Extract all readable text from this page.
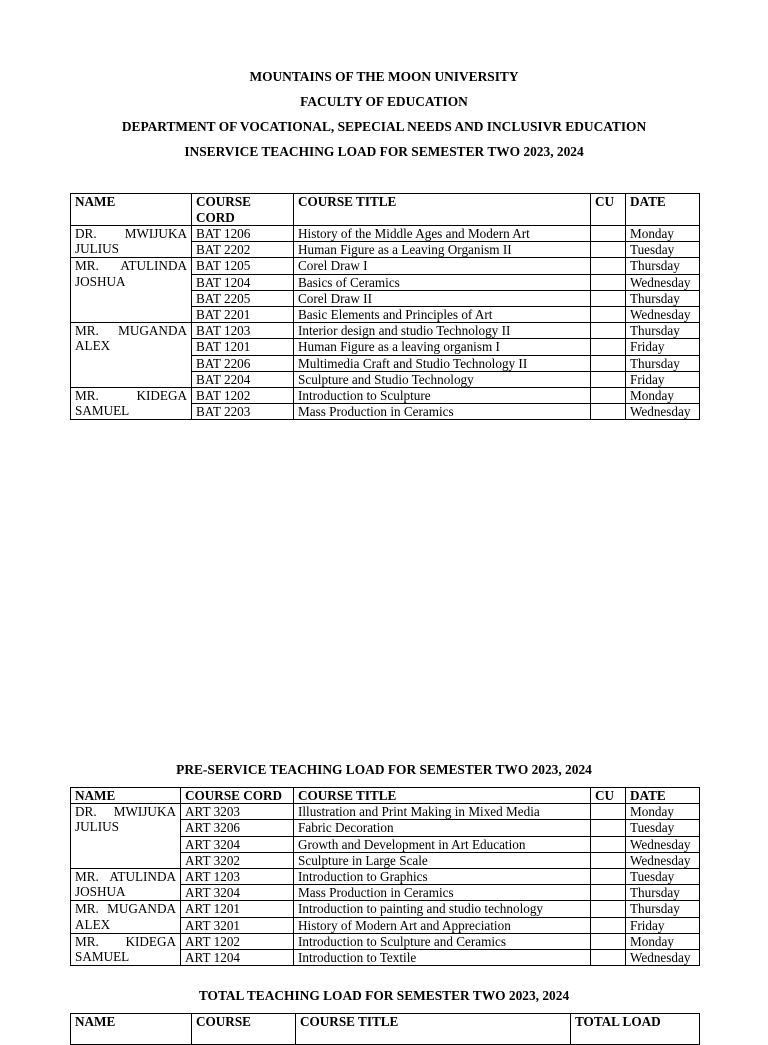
MOUNTAINS OF THE MOON UNIVERSITY
FACULTY OF EDUCATION
DEPARTMENT OF VOCATIONAL, SEPECIAL NEEDS AND INCLUSIVR EDUCATION
INSERVICE TEACHING LOAD FOR SEMESTER TWO 2023, 2024
NAME	COURSE CORD	COURSE TITLE	CU	DATE
DR. MWIJUKA JULIUS	BAT 1206	History of the Middle Ages and Modern Art		Monday
	BAT 2202	Human Figure as a Leaving Organism II		Tuesday
MR. ATULINDA JOSHUA	BAT 1205	Corel Draw I		Thursday
	BAT 1204	Basics of Ceramics		Wednesday
	BAT 2205	Corel Draw II		Thursday
	BAT 2201	Basic Elements and Principles of Art		Wednesday
MR. MUGANDA ALEX	BAT 1203	Interior design and studio Technology II		Thursday
	BAT 1201	Human Figure as a leaving organism I		Friday
	BAT 2206	Multimedia Craft and Studio Technology II		Thursday
	BAT 2204	Sculpture and Studio Technology		Friday
MR. KIDEGA SAMUEL	BAT 1202	Introduction to Sculpture		Monday
	BAT 2203	Mass Production in Ceramics		Wednesday
PRE-SERVICE TEACHING LOAD FOR SEMESTER TWO 2023, 2024
NAME	COURSE CORD	COURSE TITLE	CU	DATE
DR. MWIJUKA JULIUS	ART 3203	Illustration and Print Making in Mixed Media		Monday
	ART 3206	Fabric Decoration		Tuesday
	ART 3204	Growth and Development in Art Education		Wednesday
	ART 3202	Sculpture in Large Scale		Wednesday
MR. ATULINDA JOSHUA	ART 1203	Introduction to Graphics		Tuesday
	ART 3204	Mass Production in Ceramics		Thursday
MR. MUGANDA ALEX	ART 1201	Introduction to painting and studio technology		Thursday
	ART 3201	History of Modern Art and Appreciation		Friday
MR. KIDEGA SAMUEL	ART 1202	Introduction to Sculpture and Ceramics		Monday
	ART 1204	Introduction to Textile		Wednesday
TOTAL TEACHING LOAD FOR SEMESTER TWO 2023, 2024
NAME	COURSE	COURSE TITLE	TOTAL LOAD
